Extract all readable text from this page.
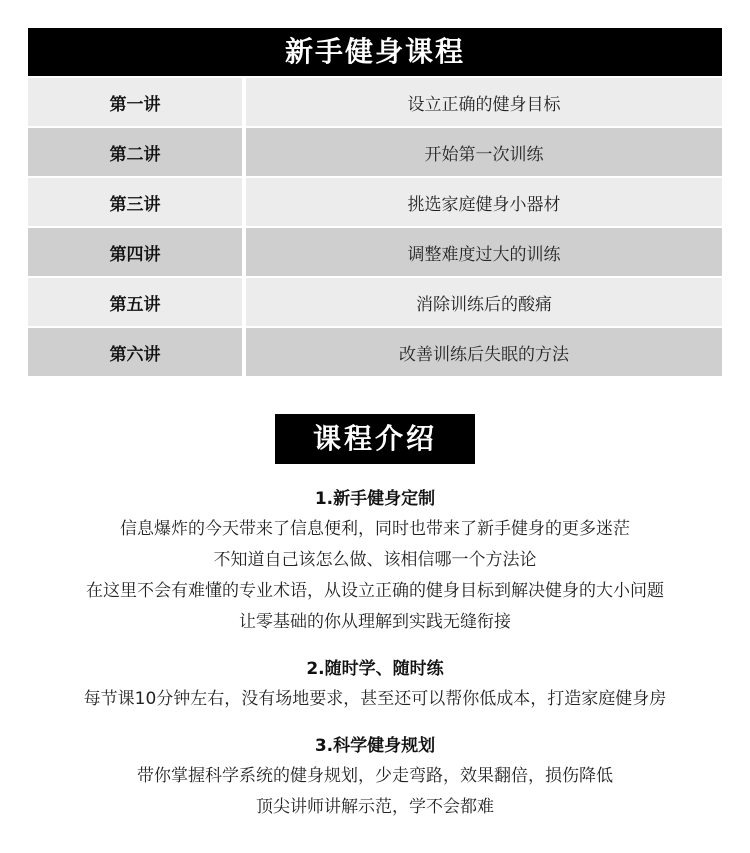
新手健身课程
第一讲	设立正确的健身目标
第二讲	开始第一次训练
第三讲	挑选家庭健身小器材
第四讲	调整难度过大的训练
第五讲	消除训练后的酸痛
第六讲	改善训练后失眠的方法
课程介绍
1.新手健身定制
信息爆炸的今天带来了信息便利，同时也带来了新手健身的更多迷茫
不知道自己该怎么做、该相信哪一个方法论
在这里不会有难懂的专业术语，从设立正确的健身目标到解决健身的大小问题
让零基础的你从理解到实践无缝衔接
2.随时学、随时练
每节课10分钟左右，没有场地要求，甚至还可以帮你低成本，打造家庭健身房
3.科学健身规划
带你掌握科学系统的健身规划，少走弯路，效果翻倍，损伤降低
顶尖讲师讲解示范，学不会都难
